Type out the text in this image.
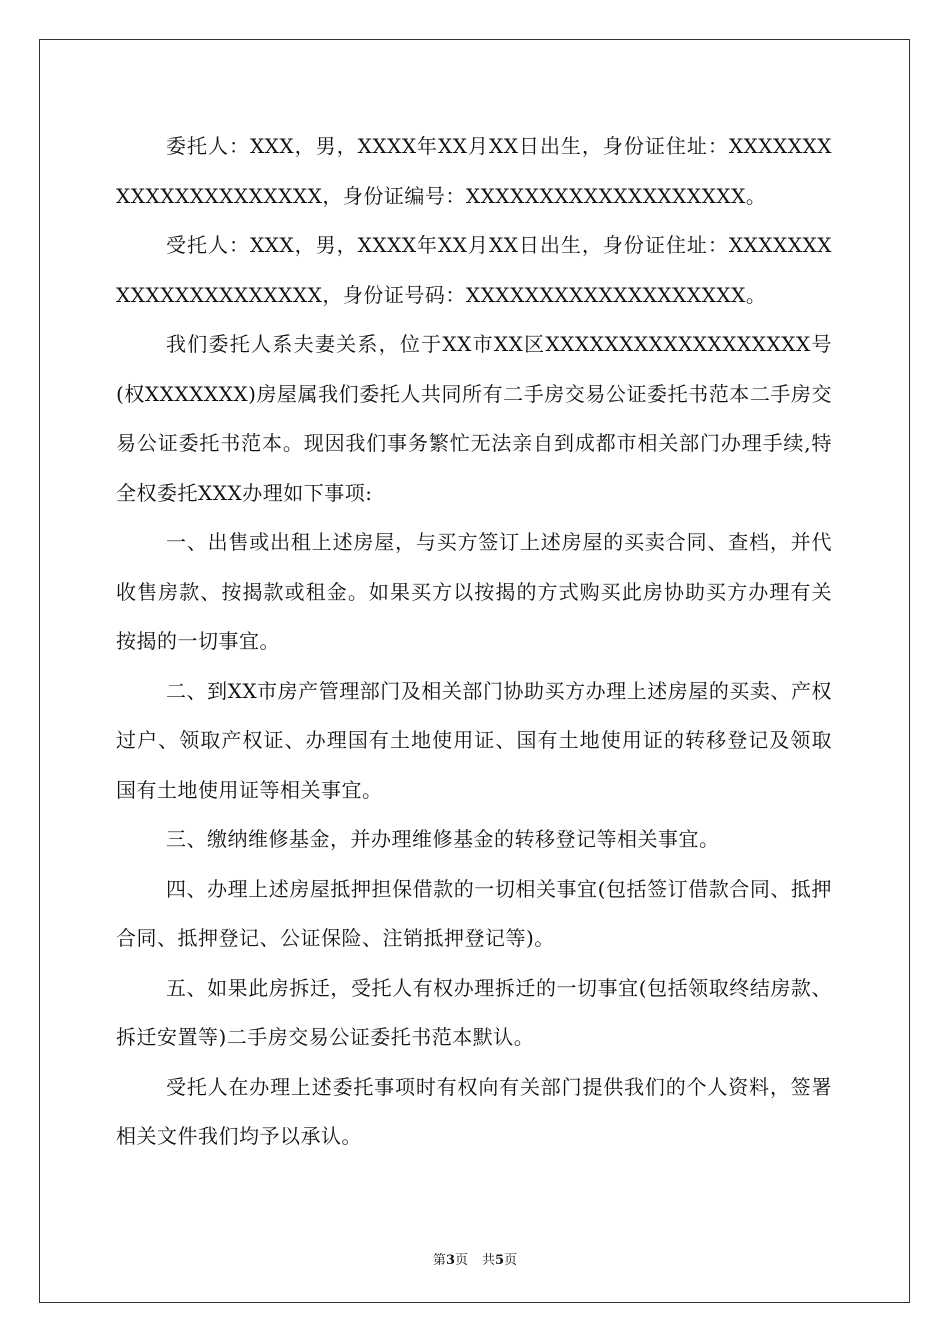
委托人：XXX，男，XXXX年XX月XX日出生，身份证住址：XXXXXXXXXXXXXXXXXXXXX，身份证编号：XXXXXXXXXXXXXXXXXXX。

受托人：XXX，男，XXXX年XX月XX日出生，身份证住址：XXXXXXXXXXXXXXXXXXXXX，身份证号码：XXXXXXXXXXXXXXXXXXX。

我们委托人系夫妻关系，位于XX市XX区XXXXXXXXXXXXXXXXXX号(权XXXXXXX)房屋属我们委托人共同所有二手房交易公证委托书范本二手房交易公证委托书范本。现因我们事务繁忙无法亲自到成都市相关部门办理手续,特全权委托XXX办理如下事项:

一、出售或出租上述房屋，与买方签订上述房屋的买卖合同、查档，并代收售房款、按揭款或租金。如果买方以按揭的方式购买此房协助买方办理有关按揭的一切事宜。

二、到XX市房产管理部门及相关部门协助买方办理上述房屋的买卖、产权过户、领取产权证、办理国有土地使用证、国有土地使用证的转移登记及领取国有土地使用证等相关事宜。

三、缴纳维修基金，并办理维修基金的转移登记等相关事宜。

四、办理上述房屋抵押担保借款的一切相关事宜(包括签订借款合同、抵押合同、抵押登记、公证保险、注销抵押登记等)。

五、如果此房拆迁，受托人有权办理拆迁的一切事宜(包括领取终结房款、拆迁安置等)二手房交易公证委托书范本默认。

受托人在办理上述委托事项时有权向有关部门提供我们的个人资料，签署相关文件我们均予以承认。

第3页 共5页
